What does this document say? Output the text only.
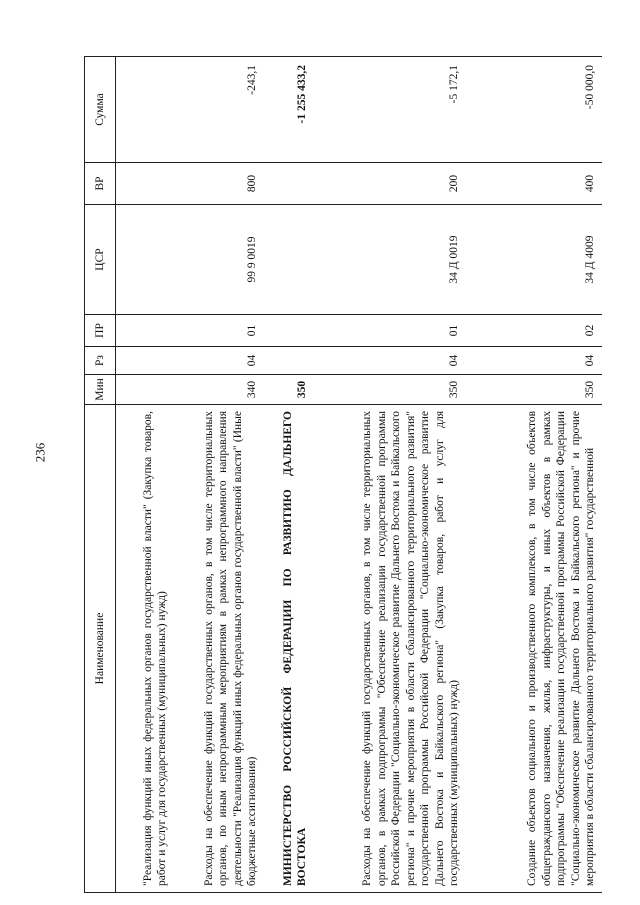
236
Наименование	Мин	Рз	ПР	ЦСР	ВР	Сумма
"Реализация функций иных федеральных органов государственной власти" (Закупка товаров, работ и услуг для государственных (муниципальных) нужд)						
Расходы на обеспечение функций государственных органов, в том числе территориальных органов, по иным непрограммным мероприятиям в рамках непрограммного направления деятельности "Реализация функций иных федеральных органов государственной власти" (Иные бюджетные ассигнования)	340	04	01	99 9 0019	800	-243,1
МИНИСТЕРСТВО РОССИЙСКОЙ ФЕДЕРАЦИИ ПО РАЗВИТИЮ ДАЛЬНЕГО ВОСТОКА	350					-1 255 433,2
Расходы на обеспечение функций государственных органов, в том числе территориальных органов, в рамках подпрограммы "Обеспечение реализации государственной программы Российской Федерации "Социально-экономическое развитие Дальнего Востока и Байкальского региона" и прочие мероприятия в области сбалансированного территориального развития" государственной программы Российской Федерации "Социально-экономическое развитие Дальнего Востока и Байкальского региона" (Закупка товаров, работ и услуг для государственных (муниципальных) нужд)	350	04	01	34 Д 0019	200	-5 172,1
Создание объектов социального и производственного комплексов, в том числе объектов общегражданского назначения, жилья, инфраструктуры, и иных объектов в рамках подпрограммы "Обеспечение реализации государственной программы Российской Федерации "Социально-экономическое развитие Дальнего Востока и Байкальского региона" и прочие мероприятия в области сбалансированного территориального развития" государственной	350	04	02	34 Д 4009	400	-50 000,0
